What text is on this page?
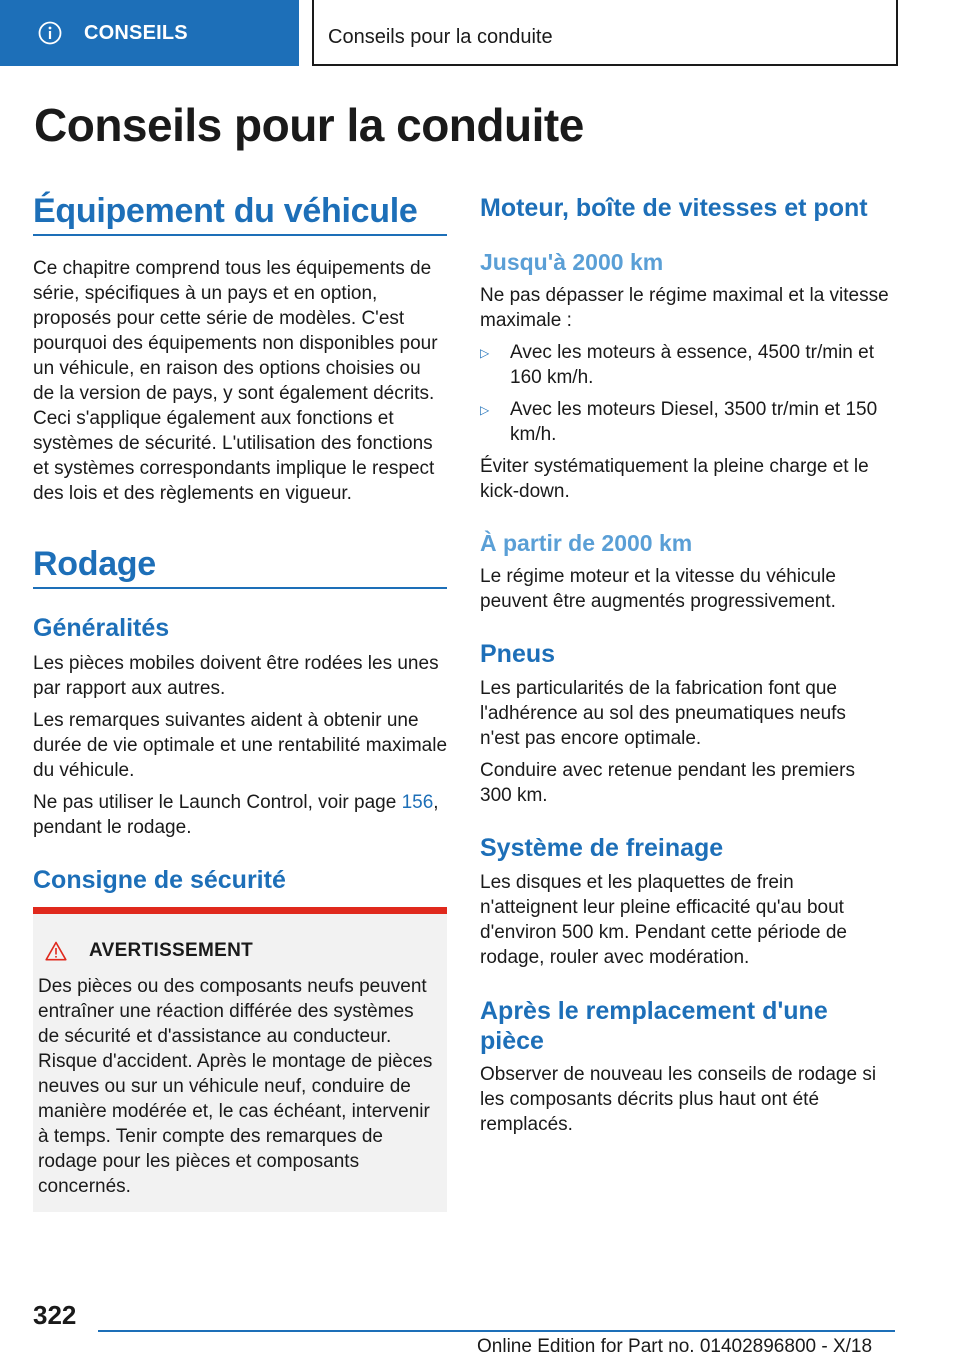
CONSEILS	Conseils pour la conduite
Conseils pour la conduite
Équipement du véhicule

Ce chapitre comprend tous les équipements de série, spécifiques à un pays et en option, proposés pour cette série de modèles. C'est pourquoi des équipements non disponibles pour un véhicule, en raison des options choisies ou de la version de pays, y sont également décrits. Ceci s'applique également aux fonctions et systèmes de sécurité. L'utilisation des fonctions et systèmes correspondants implique le respect des lois et des règlements en vigueur.

Rodage
Généralités

Les pièces mobiles doivent être rodées les unes par rapport aux autres.

Les remarques suivantes aident à obtenir une durée de vie optimale et une rentabilité maximale du véhicule.

Ne pas utiliser le Launch Control, voir page 156, pendant le rodage.

Consigne de sécurité
AVERTISSEMENT

Des pièces ou des composants neufs peuvent entraîner une réaction différée des systèmes de sécurité et d'assistance au conducteur. Risque d'accident. Après le montage de pièces neuves ou sur un véhicule neuf, conduire de manière modérée et, le cas échéant, intervenir à temps. Tenir compte des remarques de rodage pour les pièces et composants concernés.

Moteur, boîte de vitesses et pont
Jusqu'à 2000 km

Ne pas dépasser le régime maximal et la vitesse maximale :

▷	Avec les moteurs à essence, 4500 tr/min et 160 km/h.
▷	Avec les moteurs Diesel, 3500 tr/min et 150 km/h.

Éviter systématiquement la pleine charge et le kick-down.

À partir de 2000 km

Le régime moteur et la vitesse du véhicule peuvent être augmentés progressivement.

Pneus

Les particularités de la fabrication font que l'adhérence au sol des pneumatiques neufs n'est pas encore optimale.

Conduire avec retenue pendant les premiers 300 km.

Système de freinage

Les disques et les plaquettes de frein n'atteignent leur pleine efficacité qu'au bout d'environ 500 km. Pendant cette période de rodage, rouler avec modération.

Après le remplacement d'une pièce

Observer de nouveau les conseils de rodage si les composants décrits plus haut ont été remplacés.

322
Online Edition for Part no. 01402896800 - X/18
